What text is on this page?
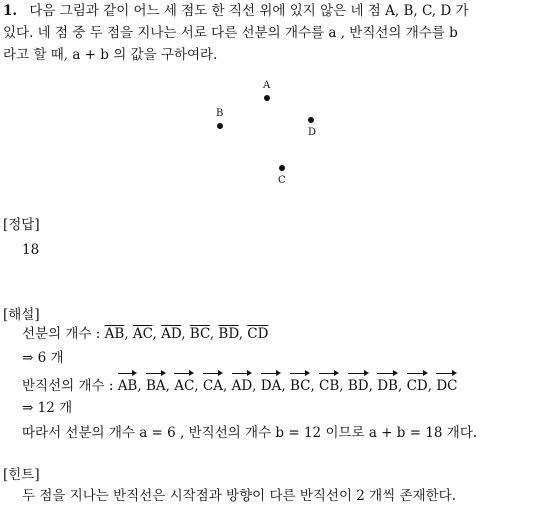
1. 다음 그림과 같이 어느 세 점도 한 직선 위에 있지 않은 네 점 A, B, C, D 가
있다. 네 점 중 두 점을 지나는 서로 다른 선분의 개수를 a , 반직선의 개수를 b
라고 할 때, a + b 의 값을 구하여라.
A
B
D
C
[정답]
18
[해설]
선분의 개수 : $\overline{AB}$, $\overline{AC}$, $\overline{AD}$, $\overline{BC}$, $\overline{BD}$, $\overline{CD}$
⇒ 6 개
반직선의 개수 : AB, BA, AC, CA, AD, DA, BC, CB, BD, DB, CD, DC
⇒ 12 개
따라서 선분의 개수 a = 6 , 반직선의 개수 b = 12 이므로 a + b = 18 개다.
[힌트]
두 점을 지나는 반직선은 시작점과 방향이 다른 반직선이 2 개씩 존재한다.
